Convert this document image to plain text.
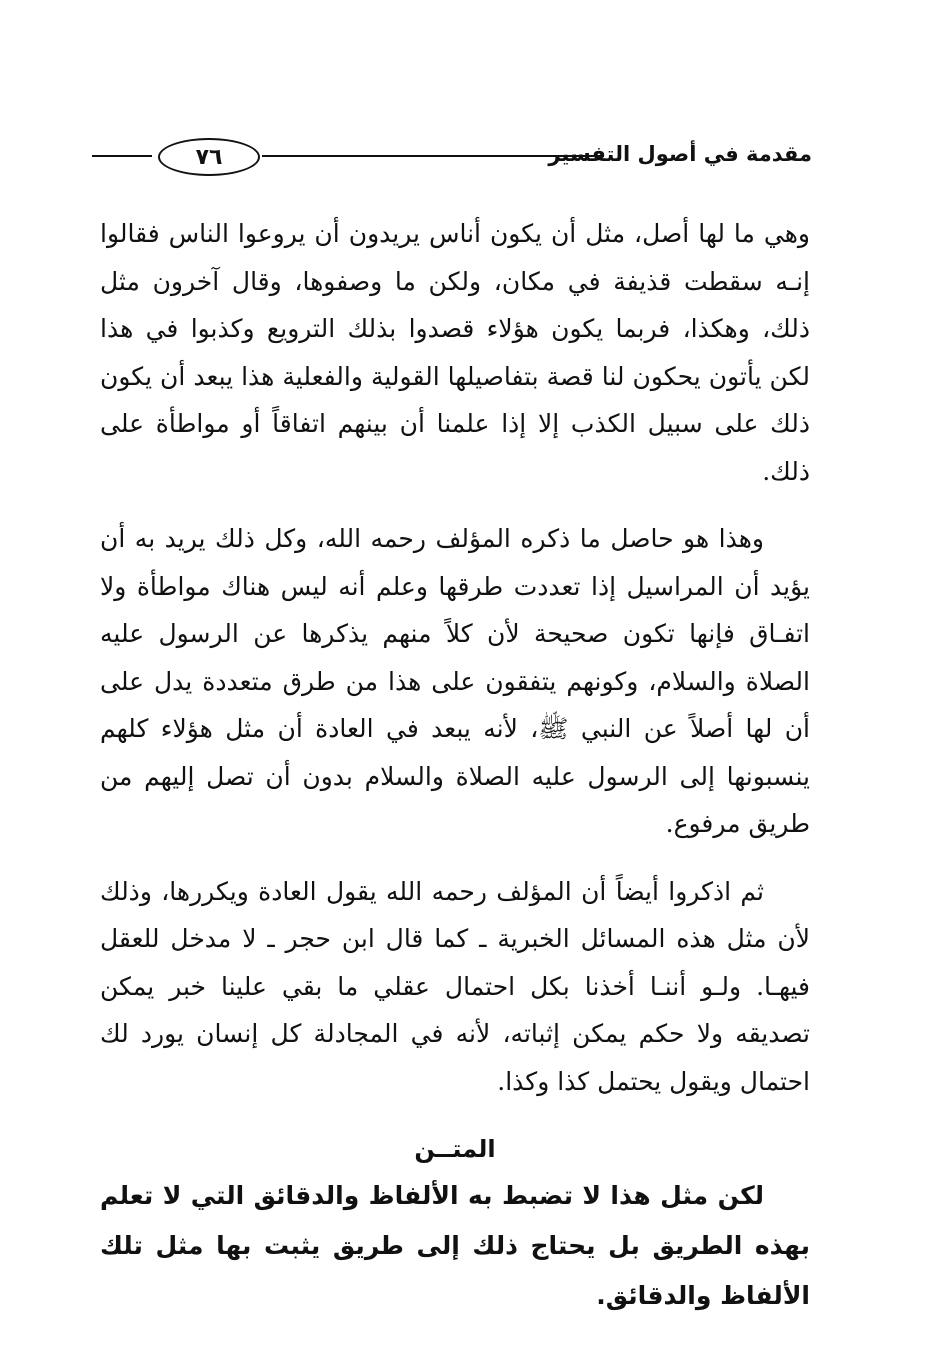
٧٦	مقدمة في أصول التفسير

وهي ما لها أصل، مثل أن يكون أناس يريدون أن يروعوا الناس فقالوا إنـه سقطت قذيفة في مكان، ولكن ما وصفوها، وقال آخرون مثل ذلك، وهكذا، فربما يكون هؤلاء قصدوا بذلك الترويع وكذبوا في هذا لكن يأتون يحكون لنا قصة بتفاصيلها القولية والفعلية هذا يبعد أن يكون ذلك على سبيل الكذب إلا إذا علمنا أن بينهم اتفاقاً أو مواطأة على ذلك.

وهذا هو حاصل ما ذكره المؤلف رحمه الله، وكل ذلك يريد به أن يؤيد أن المراسيل إذا تعددت طرقها وعلم أنه ليس هناك مواطأة ولا اتفـاق فإنها تكون صحيحة لأن كلاً منهم يذكرها عن الرسول عليه الصلاة والسلام، وكونهم يتفقون على هذا من طرق متعددة يدل على أن لها أصلاً عن النبي ﷺ، لأنه يبعد في العادة أن مثل هؤلاء كلهم ينسبونها إلى الرسول عليه الصلاة والسلام بدون أن تصل إليهم من طريق مرفوع.

ثم اذكروا أيضاً أن المؤلف رحمه الله يقول العادة ويكررها، وذلك لأن مثل هذه المسائل الخبرية ـ كما قال ابن حجر ـ لا مدخل للعقل فيهـا. ولـو أننـا أخذنا بكل احتمال عقلي ما بقي علينا خبر يمكن تصديقه ولا حكم يمكن إثباته، لأنه في المجادلة كل إنسان يورد لك احتمال ويقول يحتمل كذا وكذا.

المتــن

لكن مثل هذا لا تضبط به الألفاظ والدقائق التي لا تعلم بهذه الطريق بل يحتاج ذلك إلى طريق يثبت بها مثل تلك الألفاظ والدقائق.
